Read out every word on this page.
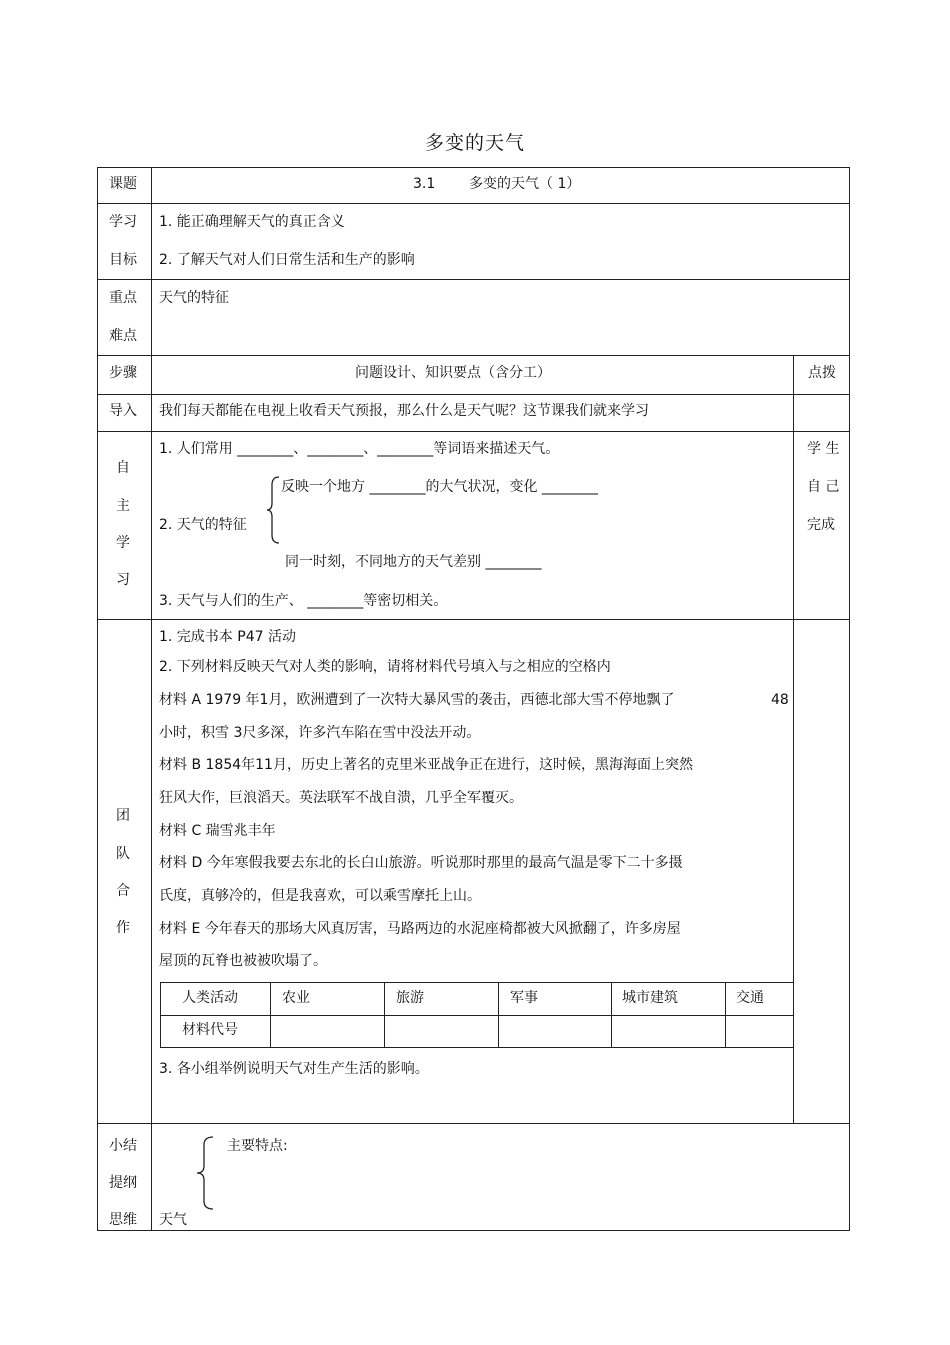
多变的天气
课题	3.1 多变的天气（ 1）
学习
目标
1. 能正确理解天气的真正含义
2. 了解天气对人们日常生活和生产的影响
重点
难点
天气的特征
步骤	问题设计、知识要点（含分工）	点拨
导入 我们每天都能在电视上收看天气预报，那么什么是天气呢？这节课我们就来学习
自
主
学
习
1. 人们常用 ________、________、________等词语来描述天气。
2. 天气的特征
反映一个地方 ________的大气状况，变化 ________
同一时刻，不同地方的天气差别 ________
3. 天气与人们的生产、 ________等密切相关。
学 生
自 己
完成
团
队
合
作
1. 完成书本 P47 活动
2. 下列材料反映天气对人类的影响，请将材料代号填入与之相应的空格内
材料 A 1979 年1月，欧洲遭到了一次特大暴风雪的袭击，西德北部大雪不停地飘了	48
小时，积雪 3尺多深，许多汽车陷在雪中没法开动。
材料 B 1854年11月，历史上著名的克里米亚战争正在进行，这时候，黑海海面上突然
狂风大作，巨浪滔天。英法联军不战自溃，几乎全军覆灭。
材料 C 瑞雪兆丰年
材料 D 今年寒假我要去东北的长白山旅游。听说那时那里的最高气温是零下二十多摄
氏度，真够冷的，但是我喜欢，可以乘雪摩托上山。
材料 E 今年春天的那场大风真厉害，马路两边的水泥座椅都被大风掀翻了，许多房屋
屋顶的瓦脊也被被吹塌了。
人类活动	农业	旅游	军事	城市建筑	交通
材料代号
3. 各小组举例说明天气对生产生活的影响。
小结
提纲
思维
主要特点:
天气
